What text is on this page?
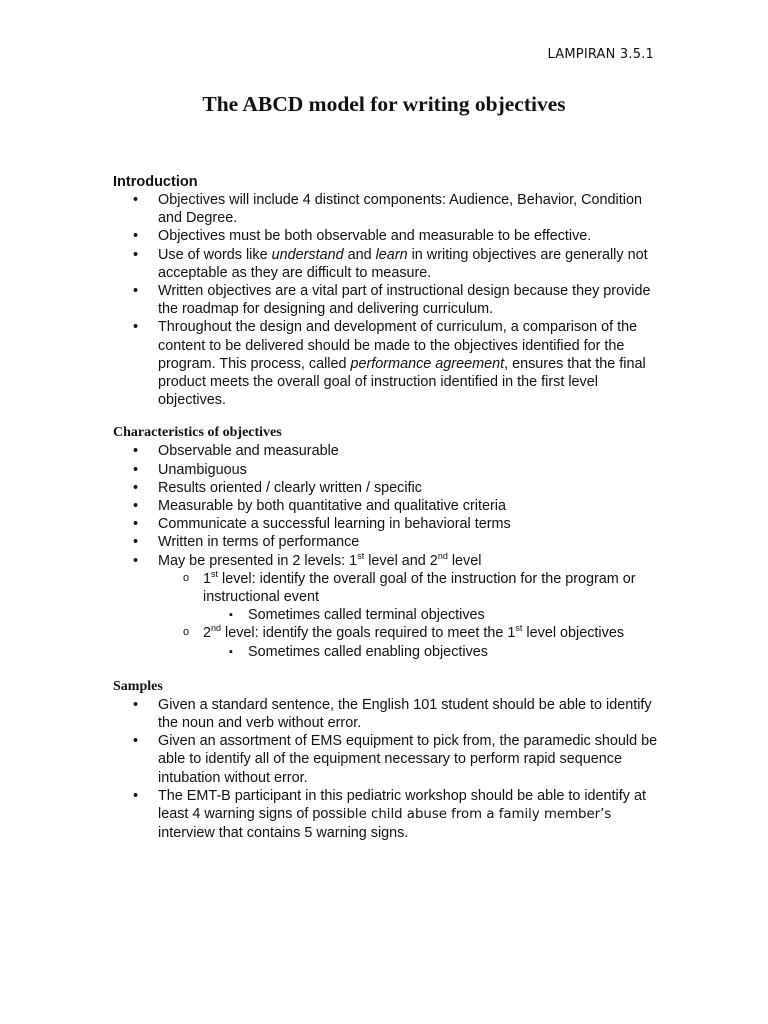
LAMPIRAN 3.5.1
The ABCD model for writing objectives
Introduction
• Objectives will include 4 distinct components: Audience, Behavior, Condition and Degree.
• Objectives must be both observable and measurable to be effective.
• Use of words like understand and learn in writing objectives are generally not acceptable as they are difficult to measure.
• Written objectives are a vital part of instructional design because they provide the roadmap for designing and delivering curriculum.
• Throughout the design and development of curriculum, a comparison of the content to be delivered should be made to the objectives identified for the program. This process, called performance agreement, ensures that the final product meets the overall goal of instruction identified in the first level objectives.
Characteristics of objectives
• Observable and measurable
• Unambiguous
• Results oriented / clearly written / specific
• Measurable by both quantitative and qualitative criteria
• Communicate a successful learning in behavioral terms
• Written in terms of performance
• May be presented in 2 levels: 1st level and 2nd level
o 1st level: identify the overall goal of the instruction for the program or instructional event
▪ Sometimes called terminal objectives
o 2nd level: identify the goals required to meet the 1st level objectives
▪ Sometimes called enabling objectives
Samples
• Given a standard sentence, the English 101 student should be able to identify the noun and verb without error.
• Given an assortment of EMS equipment to pick from, the paramedic should be able to identify all of the equipment necessary to perform rapid sequence intubation without error.
• The EMT-B participant in this pediatric workshop should be able to identify at least 4 warning signs of possible child abuse from a family member’s interview that contains 5 warning signs.
